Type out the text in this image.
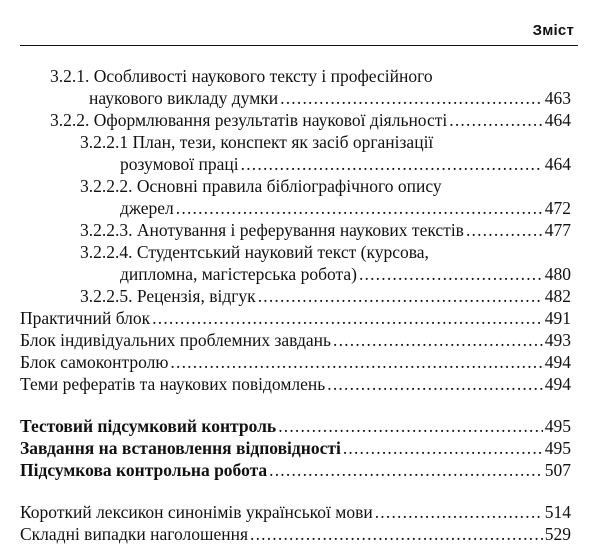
Зміст
3.2.1. Особливості наукового тексту і професійного
наукового викладу думки .....	463
3.2.2. Оформлювання результатів наукової діяльності .....	464
3.2.2.1 План, тези, конспект як засіб організації
розумової праці .....	464
3.2.2.2. Основні правила бібліографічного опису
джерел .....	472
3.2.2.3. Анотування і реферування наукових текстів .....	477
3.2.2.4. Студентський науковий текст (курсова,
дипломна, магістерська робота) .....	480
3.2.2.5. Рецензія, відгук .....	482
Практичний блок .....	491
Блок індивідуальних проблемних завдань .....	493
Блок самоконтролю .....	494
Теми рефератів та наукових повідомлень .....	494
Тестовий підсумковий контроль .....	495
Завдання на встановлення відповідності .....	495
Підсумкова контрольна робота .....	507
Короткий лексикон синонімів української мови .....	514
Складні випадки наголошення .....	529
